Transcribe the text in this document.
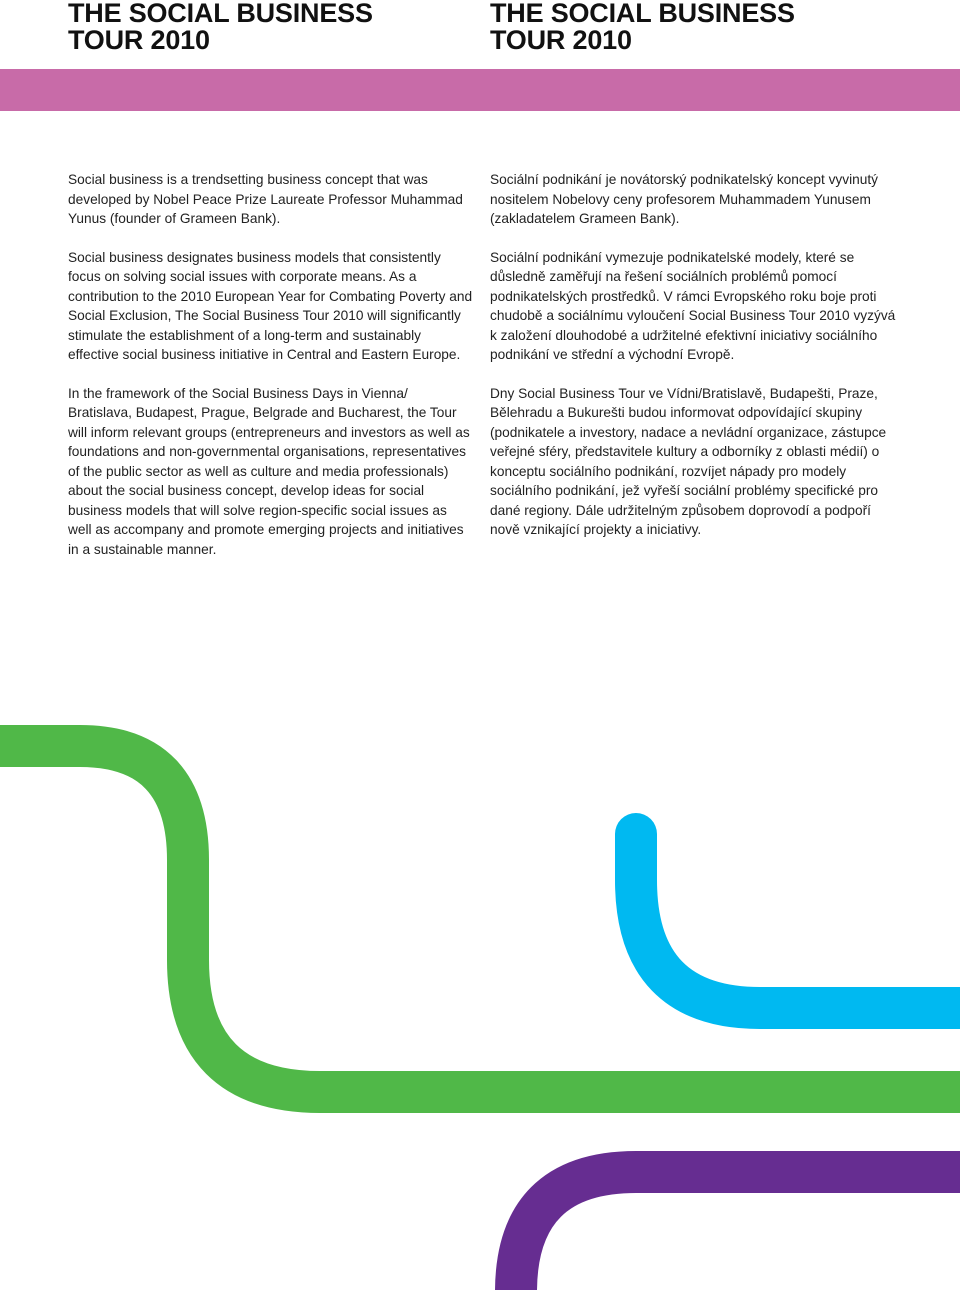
THE SOCIAL BUSINESS
TOUR 2010
THE SOCIAL BUSINESS
TOUR 2010

Social business is a trendsetting business concept that was developed by Nobel Peace Prize Laureate Professor Muhammad Yunus (founder of Grameen Bank).

Social business designates business models that consistently focus on solving social issues with corporate means. As a contribution to the 2010 European Year for Combating Poverty and Social Exclusion, The Social Business Tour 2010 will significantly stimulate the establishment of a long-term and sustainably effective social business initiative in Central and Eastern Europe.

In the framework of the Social Business Days in Vienna/ Bratislava, Budapest, Prague, Belgrade and Bucharest, the Tour will inform relevant groups (entrepreneurs and investors as well as foundations and non-governmental organisations, representatives of the public sector as well as culture and media professionals) about the social business concept, develop ideas for social business models that will solve region-specific social issues as well as accompany and promote emerging projects and initiatives in a sustainable manner.

Sociální podnikání je novátorský podnikatelský koncept vyvinutý nositelem Nobelovy ceny profesorem Muhammadem Yunusem (zakladatelem Grameen Bank).

Sociální podnikání vymezuje podnikatelské modely, které se důsledně zaměřují na řešení sociálních problémů pomocí podnikatelských prostředků. V rámci Evropského roku boje proti chudobě a sociálnímu vyloučení Social Business Tour 2010 vyzývá k založení dlouhodobé a udržitelné efektivní iniciativy sociálního podnikání ve střední a východní Evropě.

Dny Social Business Tour ve Vídni/Bratislavě, Budapešti, Praze, Bělehradu a Bukurešti budou informovat odpovídající skupiny (podnikatele a investory, nadace a nevládní organizace, zástupce veřejné sféry, představitele kultury a odborníky z oblasti médií) o konceptu sociálního podnikání, rozvíjet nápady pro modely sociálního podnikání, jež vyřeší sociální problémy specifické pro dané regiony. Dále udržitelným způsobem doprovodí a podpoří nově vznikající projekty a iniciativy.
